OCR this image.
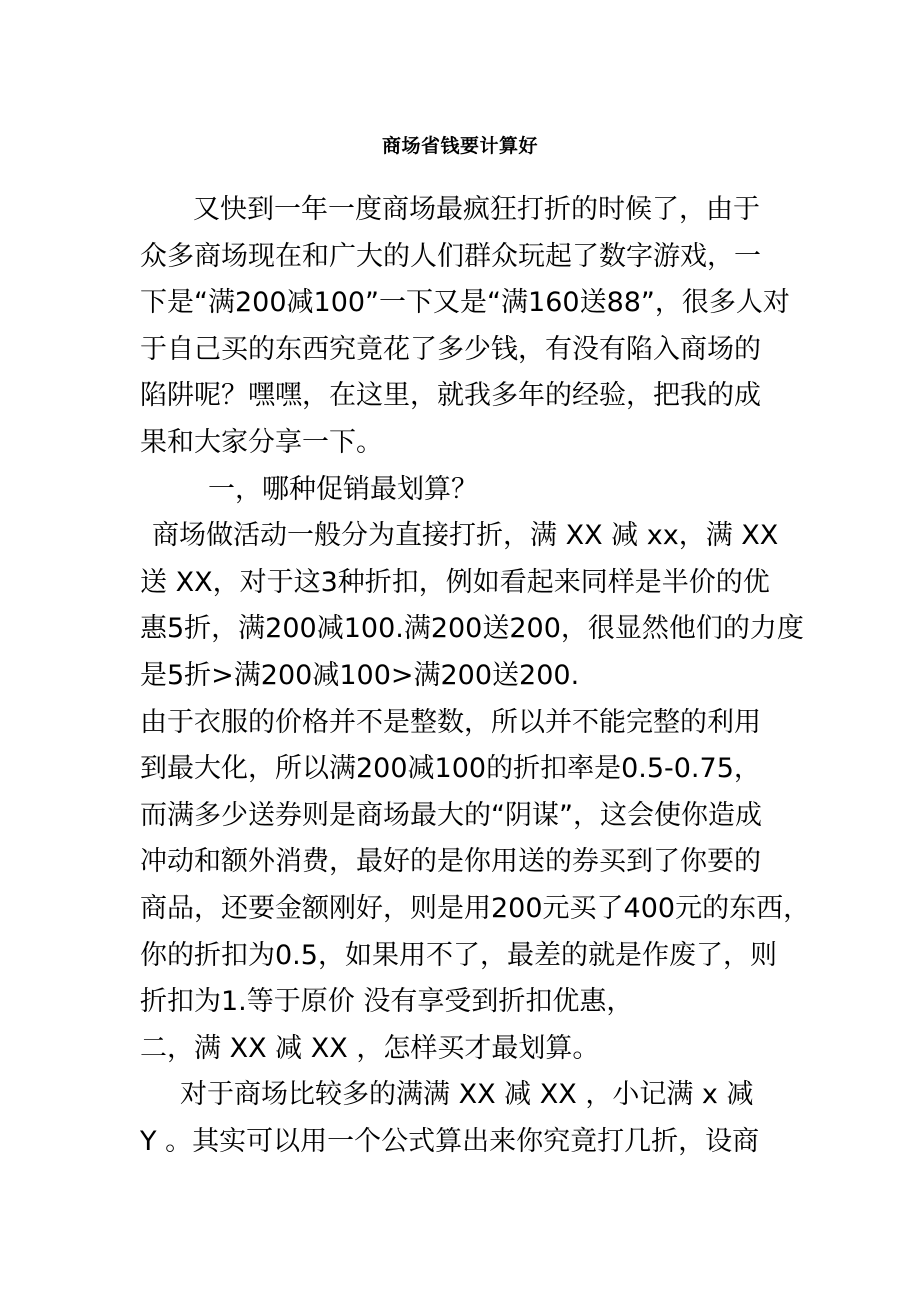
商场省钱要计算好
又快到一年一度商场最疯狂打折的时候了，由于
众多商场现在和广大的人们群众玩起了数字游戏，一
下是“满200减100”一下又是“满160送88”，很多人对
于自己买的东西究竟花了多少钱，有没有陷入商场的
陷阱呢？嘿嘿，在这里，就我多年的经验，把我的成
果和大家分享一下。
一，哪种促销最划算？
商场做活动一般分为直接打折，满 XX 减 xx，满 XX
送 XX，对于这3种折扣，例如看起来同样是半价的优
惠5折，满200减100.满200送200，很显然他们的力度
是5折>满200减100>满200送200.
由于衣服的价格并不是整数，所以并不能完整的利用
到最大化，所以满200减100的折扣率是0.5-0.75，
而满多少送券则是商场最大的“阴谋”，这会使你造成
冲动和额外消费，最好的是你用送的券买到了你要的
商品，还要金额刚好，则是用200元买了400元的东西，
你的折扣为0.5，如果用不了，最差的就是作废了，则
折扣为1.等于原价 没有享受到折扣优惠，
二，满 XX 减 XX ，怎样买才最划算。
对于商场比较多的满满 XX 减 XX ，小记满 x 减
Y 。其实可以用一个公式算出来你究竟打几折，设商
